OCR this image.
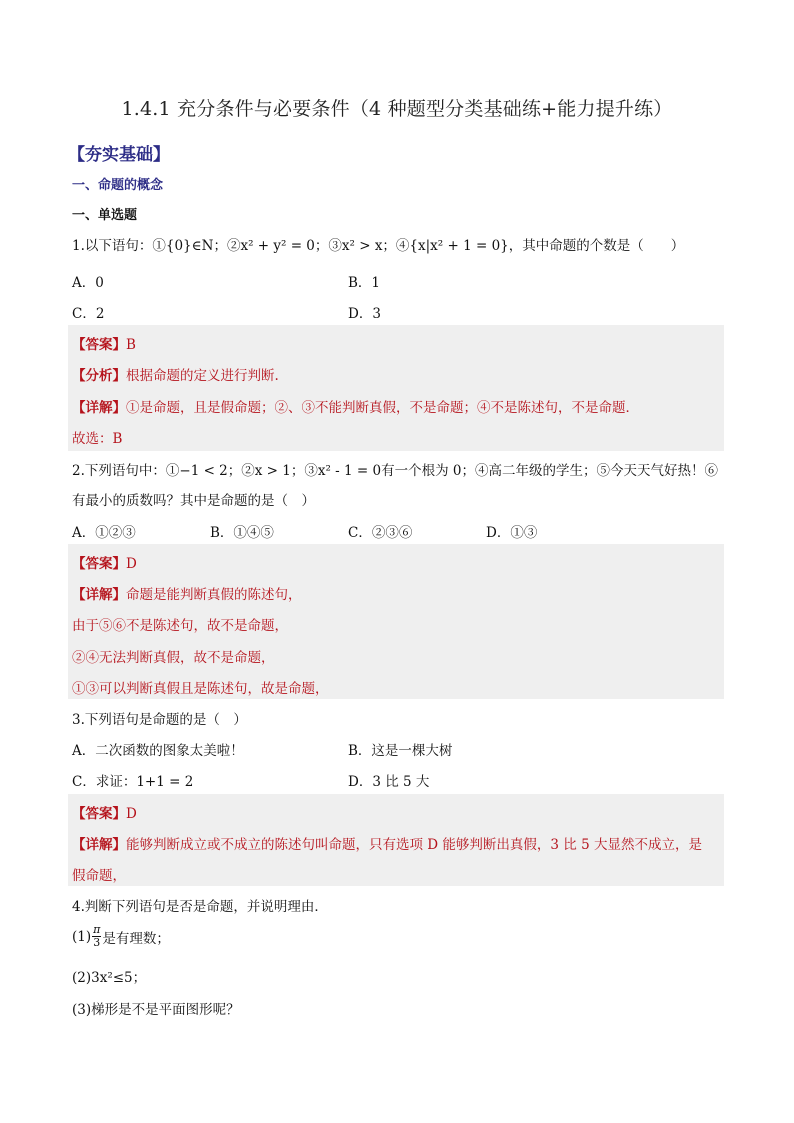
1.4.1 充分条件与必要条件（4 种题型分类基础练+能力提升练）
【夯实基础】
一、命题的概念
一、单选题
1.以下语句：①{0}∈N；②x² + y² = 0；③x² > x；④{x|x² + 1 = 0}，其中命题的个数是（　　）
A．0	B．1
C．2	D．3
【答案】B
【分析】根据命题的定义进行判断.
【详解】①是命题，且是假命题；②、③不能判断真假，不是命题；④不是陈述句，不是命题．
故选：B
2.下列语句中：①−1 < 2；②x > 1；③x² - 1 = 0有一个根为 0；④高二年级的学生；⑤今天天气好热！⑥
有最小的质数吗？其中是命题的是（　）
A．①②③	B．①④⑤	C．②③⑥	D．①③
【答案】D
【详解】命题是能判断真假的陈述句，
由于⑤⑥不是陈述句，故不是命题，
②④无法判断真假，故不是命题，
①③可以判断真假且是陈述句，故是命题，
3.下列语句是命题的是（　）
A．二次函数的图象太美啦！	B．这是一棵大树
C．求证：1+1 = 2	D．3 比 5 大
【答案】D
【详解】能够判断成立或不成立的陈述句叫命题，只有选项 D 能够判断出真假，3 比 5 大显然不成立，是
假命题，
4.判断下列语句是否是命题，并说明理由．
$(1) \frac{\pi}{3}$ 是有理数；
(2)3x²≤5；
(3)梯形是不是平面图形呢？
